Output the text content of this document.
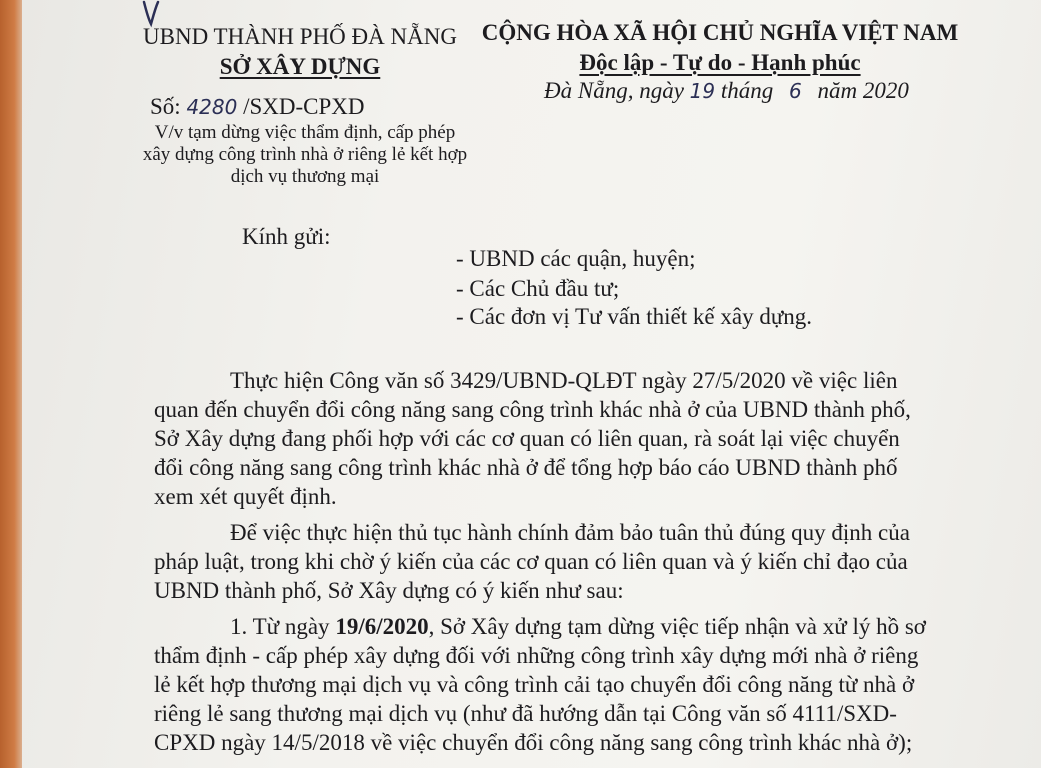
UBND THÀNH PHỐ ĐÀ NẴNG
SỞ XÂY DỰNG
CỘNG HÒA XÃ HỘI CHỦ NGHĨA VIỆT NAM
Độc lập - Tự do - Hạnh phúc
Số: 4280 /SXD-CPXD
Đà Nẵng, ngày 19 tháng 6 năm 2020
V/v tạm dừng việc thẩm định, cấp phép
xây dựng công trình nhà ở riêng lẻ kết hợp
dịch vụ thương mại
Kính gửi:
- UBND các quận, huyện;
- Các Chủ đầu tư;
- Các đơn vị Tư vấn thiết kế xây dựng.

Thực hiện Công văn số 3429/UBND-QLĐT ngày 27/5/2020 về việc liên

quan đến chuyển đổi công năng sang công trình khác nhà ở của UBND thành phố,

Sở Xây dựng đang phối hợp với các cơ quan có liên quan, rà soát lại việc chuyển

đổi công năng sang công trình khác nhà ở để tổng hợp báo cáo UBND thành phố

xem xét quyết định.

Để việc thực hiện thủ tục hành chính đảm bảo tuân thủ đúng quy định của

pháp luật, trong khi chờ ý kiến của các cơ quan có liên quan và ý kiến chỉ đạo của

UBND thành phố, Sở Xây dựng có ý kiến như sau:

1. Từ ngày 19/6/2020, Sở Xây dựng tạm dừng việc tiếp nhận và xử lý hồ sơ

thẩm định - cấp phép xây dựng đối với những công trình xây dựng mới nhà ở riêng

lẻ kết hợp thương mại dịch vụ và công trình cải tạo chuyển đổi công năng từ nhà ở

riêng lẻ sang thương mại dịch vụ (như đã hướng dẫn tại Công văn số 4111/SXD-

CPXD ngày 14/5/2018 về việc chuyển đổi công năng sang công trình khác nhà ở);
